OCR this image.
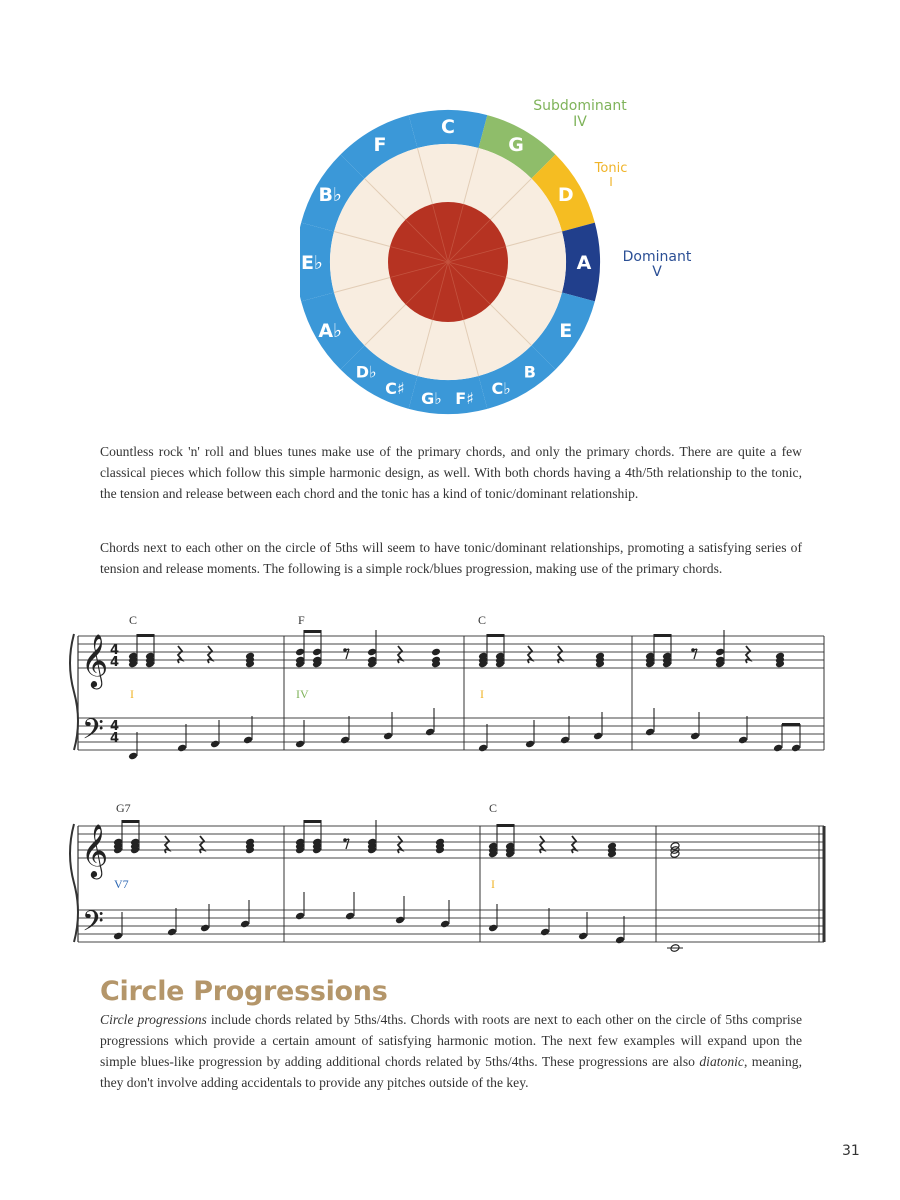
C
G
D
A
E
B
C♭
F♯
G♭
C♯
D♭
A♭
E♭
B♭
F
Subdominant
IV
Tonic
I
Dominant
V

Countless rock 'n' roll and blues tunes make use of the primary chords, and only the primary chords. There are quite a few classical pieces which follow this simple harmonic design, as well. With both chords having a 4th/5th relationship to the tonic, the tension and release between each chord and the tonic has a kind of tonic/dominant relationship.

Chords next to each other on the circle of 5ths will seem to have tonic/dominant relationships, promoting a satisfying series of tension and release moments. The following is a simple rock/blues progression, making use of the primary chords.

𝄞
𝄢
4
4
4
4
C	F	C
I	IV	I
𝄞
𝄢
G7	C
V7	I
Circle Progressions

Circle progressions include chords related by 5ths/4ths. Chords with roots are next to each other on the circle of 5ths comprise progressions which provide a certain amount of satisfying harmonic motion. The next few examples will expand upon the simple blues-like progression by adding additional chords related by 5ths/4ths. These progressions are also diatonic, meaning, they don't involve adding accidentals to provide any pitches outside of the key.

31
